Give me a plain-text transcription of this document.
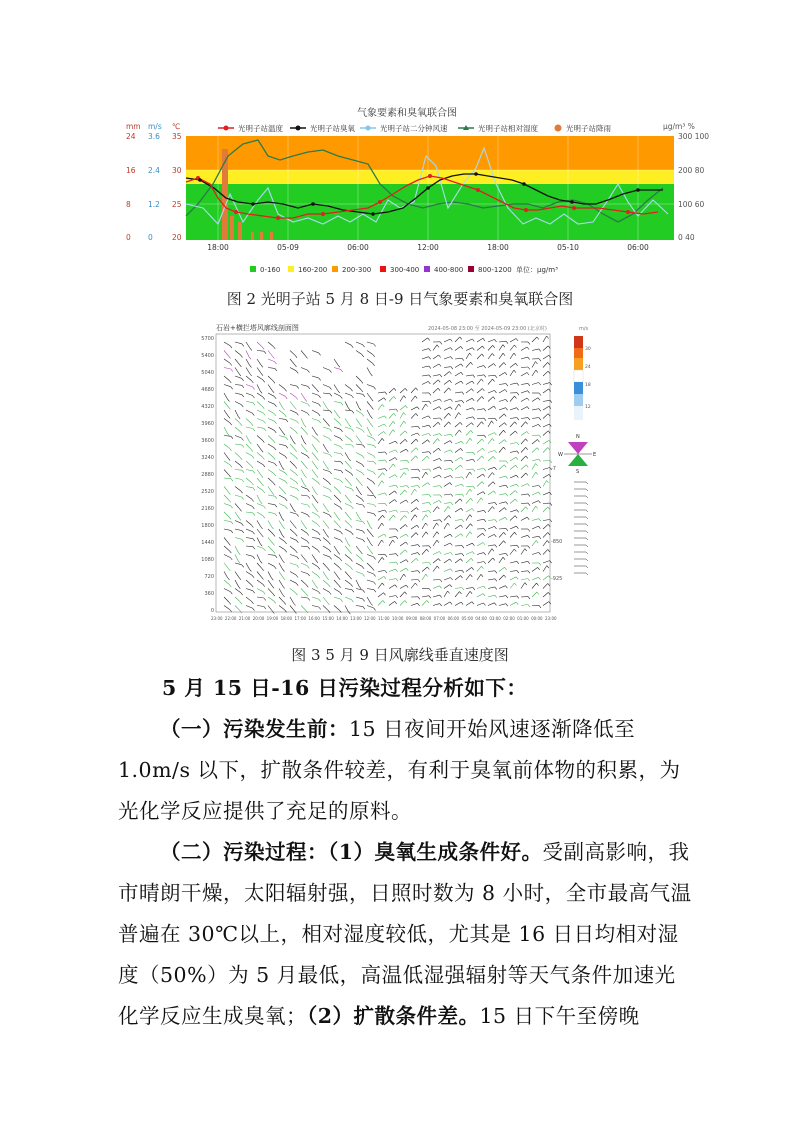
气象要素和臭氧联合图
光明子站温度	光明子站臭氧	光明子站二分钟风速	光明子站相对湿度	光明子站降雨
mm m/s ℃	μg/m³ %
24 3.6 35
16 2.4 30
8 1.2 25
0 0	20
300 100
200 80
100 60
0 40
18:00	05-09	06:00	12:00	18:00	05-10	06:00
0-160	160-200 200-300	300-400 400-800 800-1200 单位：μg/m³
图 2 光明子站 5 月 8 日-9 日气象要素和臭氧联合图
石岩+横拦塔风廓线剖面图	2024-05-08 23:00 至 2024-05-09 23:00 (北京时)	m/s
5700
5400
5040
4680
4320
3960
3600
3240
2880
2520
2160
1800
1440
1080
720
360
0
30
24
18
12
N
W	E
S
-7
-850
-925
23:00 22:00 21:00 20:00 19:00 18:00 17:00 16:00 15:00 14:00 13:00 12:00 11:00 10:00 09:00 08:00 07:00 06:00 05:00 04:00 03:00 02:00 01:00 00:00 23:00
图 3 5 月 9 日风廓线垂直速度图
5 月 15 日-16 日污染过程分析如下：
（一）污染发生前：15 日夜间开始风速逐渐降低至 1.0m/s 以下，扩散条件较差，有利于臭氧前体物的积累，为光化学反应提供了充足的原料。
（二）污染过程：（1）臭氧生成条件好。受副高影响，我市晴朗干燥，太阳辐射强，日照时数为 8 小时，全市最高气温普遍在 30℃以上，相对湿度较低，尤其是 16 日日均相对湿度（50%）为 5 月最低，高温低湿强辐射等天气条件加速光化学反应生成臭氧；（2）扩散条件差。15 日下午至傍晚
